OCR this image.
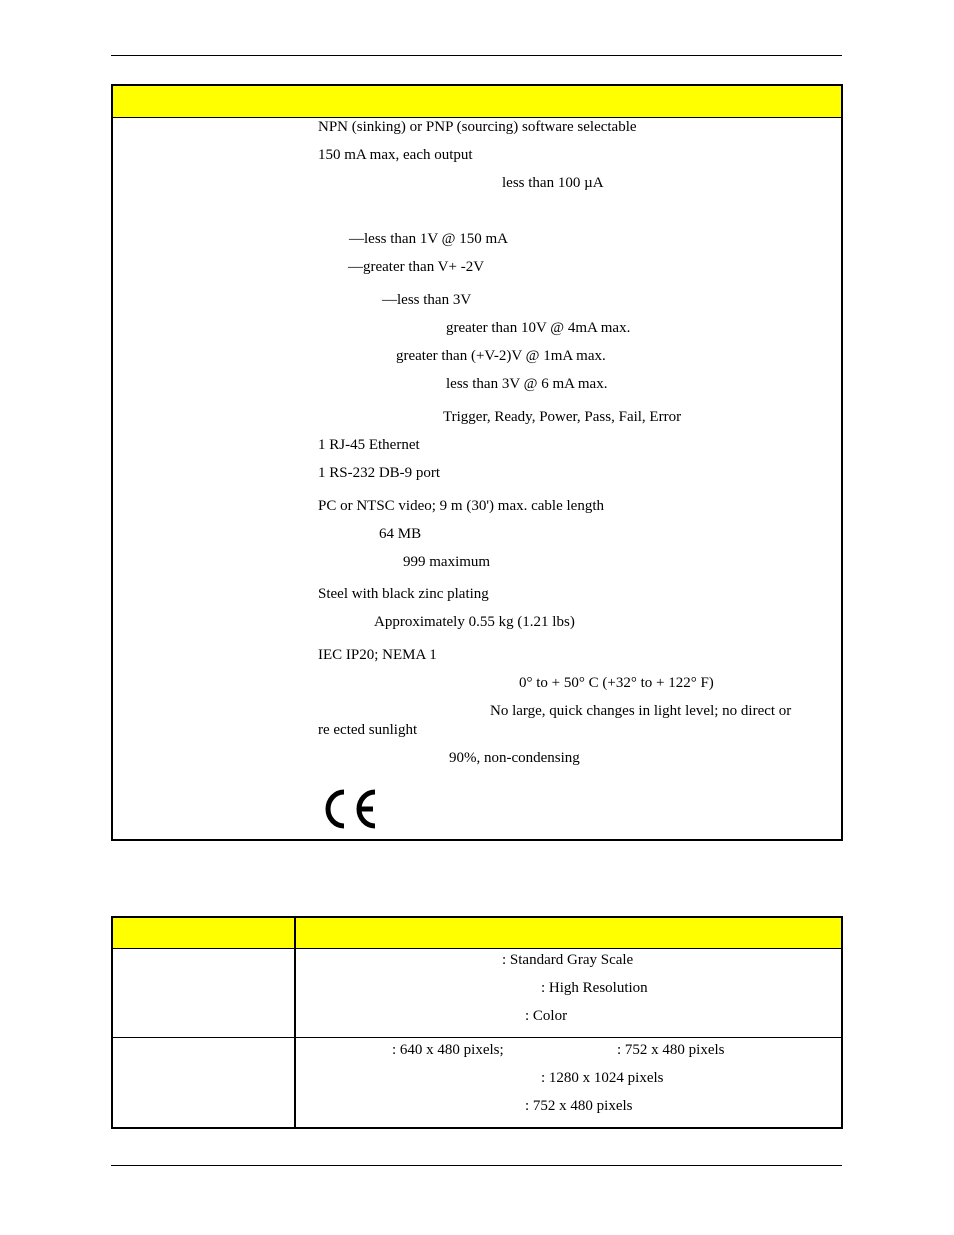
NPN (sinking) or PNP (sourcing) software selectable
150 mA max, each output
less than 100 µA
—less than 1V @ 150 mA
—greater than V+ -2V
—less than 3V
greater than 10V @ 4mA max.
greater than (+V-2)V @ 1mA max.
less than 3V @ 6 mA max.
Trigger, Ready, Power, Pass, Fail, Error
1 RJ-45 Ethernet
1 RS-232 DB-9 port
PC or NTSC video; 9 m (30') max. cable length
64 MB
999 maximum
Steel with black zinc plating
Approximately 0.55 kg (1.21 lbs)
IEC IP20; NEMA 1
0° to + 50° C (+32° to + 122° F)
No large, quick changes in light level; no direct or
re ected sunlight
90%, non-condensing
: Standard Gray Scale
: High Resolution
: Color
: 640 x 480 pixels;	: 752 x 480 pixels
: 1280 x 1024 pixels
: 752 x 480 pixels
